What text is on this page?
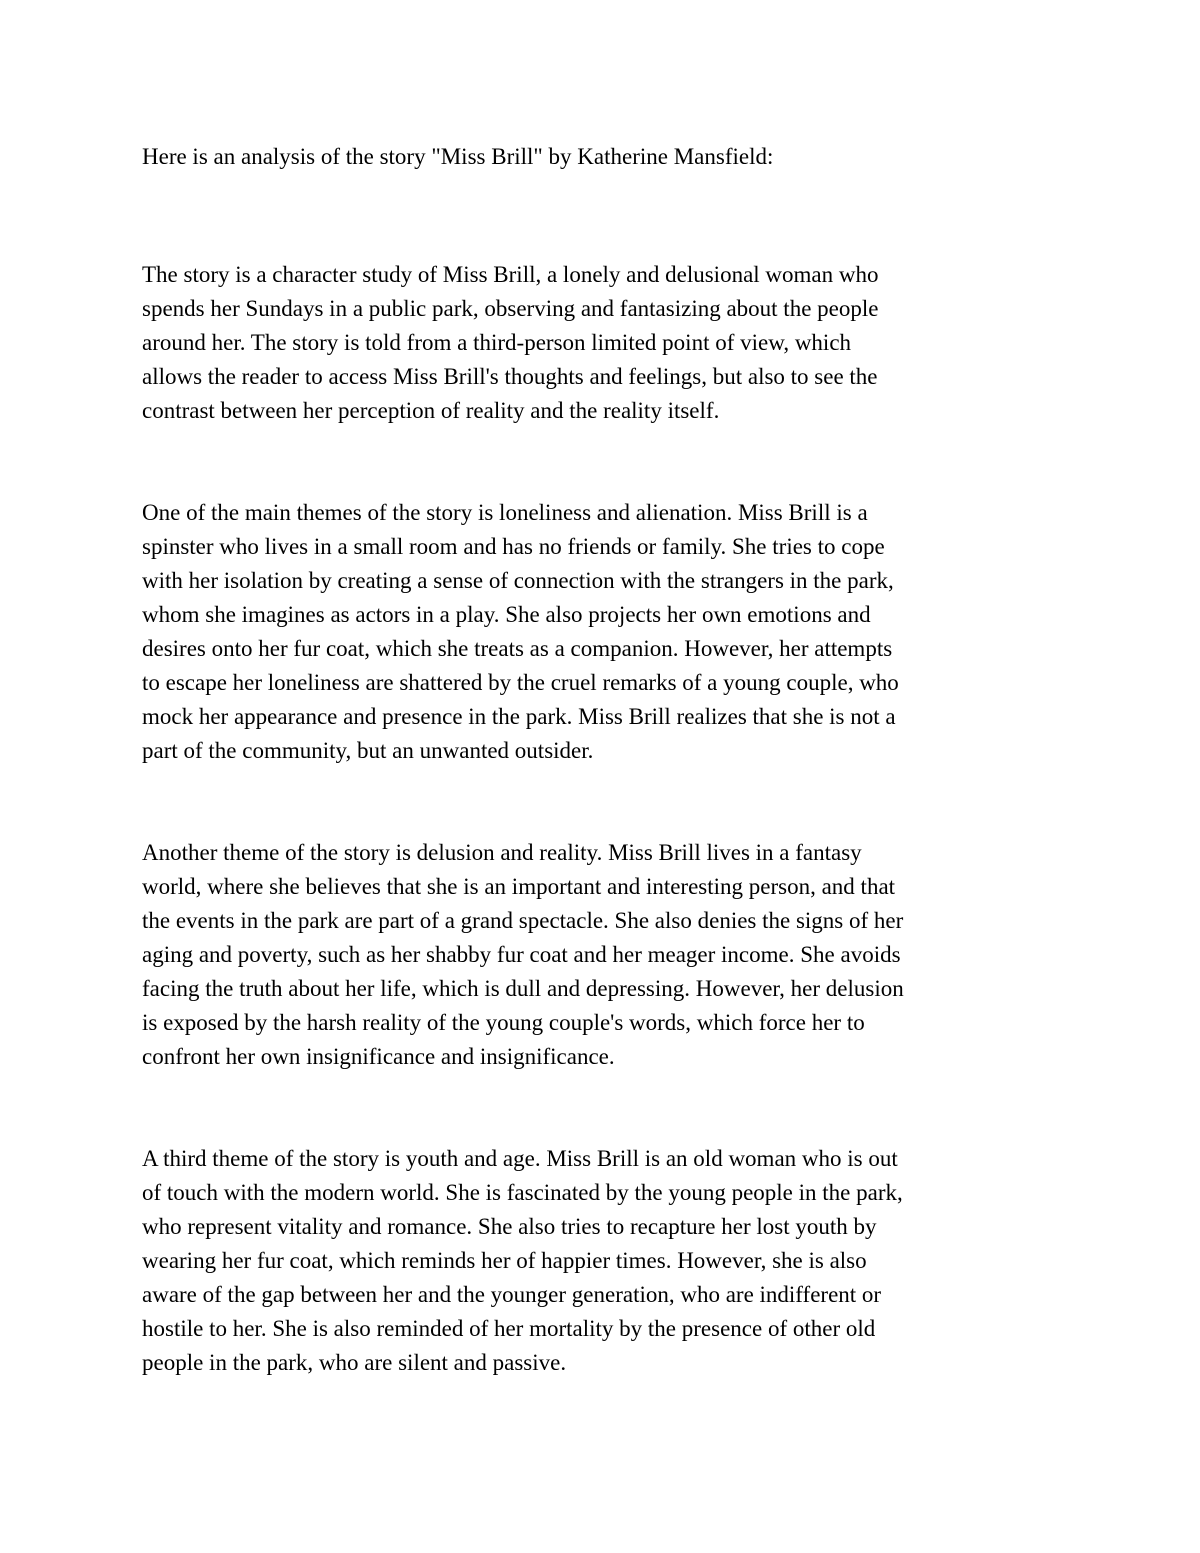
Here is an analysis of the story "Miss Brill" by Katherine Mansfield:

The story is a character study of Miss Brill, a lonely and delusional woman who
spends her Sundays in a public park, observing and fantasizing about the people
around her. The story is told from a third-person limited point of view, which
allows the reader to access Miss Brill's thoughts and feelings, but also to see the
contrast between her perception of reality and the reality itself.

One of the main themes of the story is loneliness and alienation. Miss Brill is a
spinster who lives in a small room and has no friends or family. She tries to cope
with her isolation by creating a sense of connection with the strangers in the park,
whom she imagines as actors in a play. She also projects her own emotions and
desires onto her fur coat, which she treats as a companion. However, her attempts
to escape her loneliness are shattered by the cruel remarks of a young couple, who
mock her appearance and presence in the park. Miss Brill realizes that she is not a
part of the community, but an unwanted outsider.

Another theme of the story is delusion and reality. Miss Brill lives in a fantasy
world, where she believes that she is an important and interesting person, and that
the events in the park are part of a grand spectacle. She also denies the signs of her
aging and poverty, such as her shabby fur coat and her meager income. She avoids
facing the truth about her life, which is dull and depressing. However, her delusion
is exposed by the harsh reality of the young couple's words, which force her to
confront her own insignificance and insignificance.

A third theme of the story is youth and age. Miss Brill is an old woman who is out
of touch with the modern world. She is fascinated by the young people in the park,
who represent vitality and romance. She also tries to recapture her lost youth by
wearing her fur coat, which reminds her of happier times. However, she is also
aware of the gap between her and the younger generation, who are indifferent or
hostile to her. She is also reminded of her mortality by the presence of other old
people in the park, who are silent and passive.
